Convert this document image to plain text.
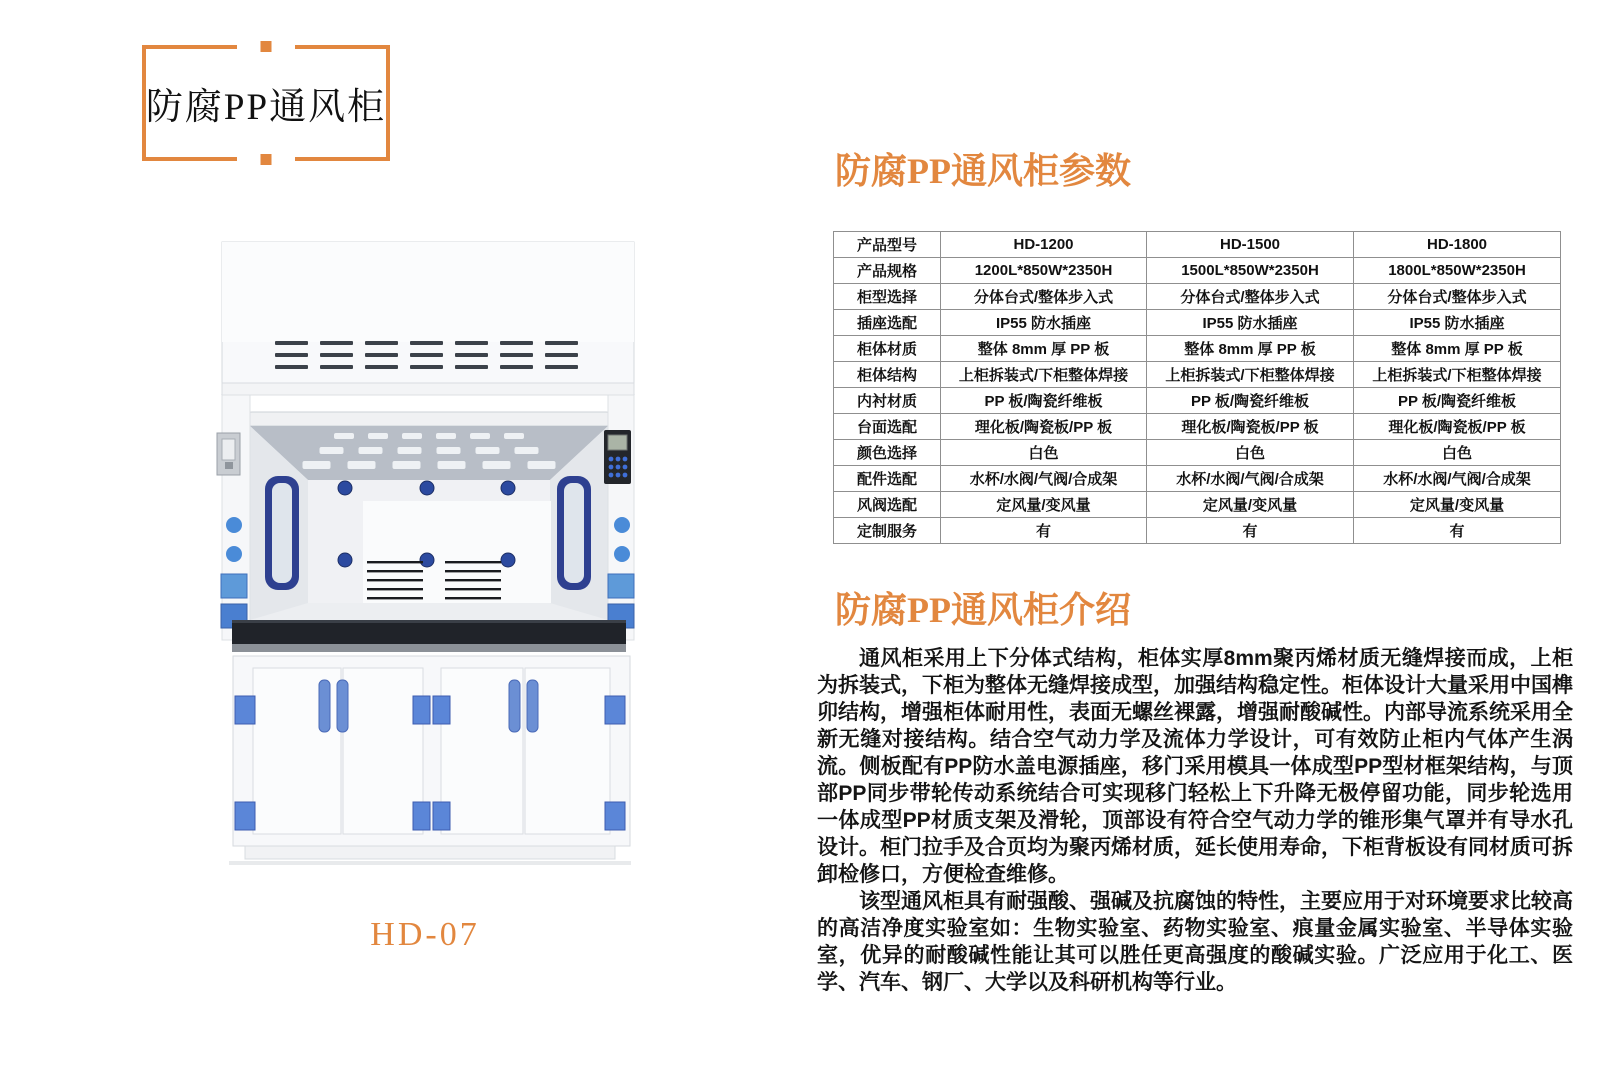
防腐PP通风柜
HD-07
防腐PP通风柜参数
产品型号	HD-1200	HD-1500	HD-1800
产品规格	1200L*850W*2350H	1500L*850W*2350H	1800L*850W*2350H
柜型选择	分体台式/整体步入式	分体台式/整体步入式	分体台式/整体步入式
插座选配	IP55 防水插座	IP55 防水插座	IP55 防水插座
柜体材质	整体 8mm 厚 PP 板	整体 8mm 厚 PP 板	整体 8mm 厚 PP 板
柜体结构	上柜拆装式/下柜整体焊接	上柜拆装式/下柜整体焊接	上柜拆装式/下柜整体焊接
内衬材质	PP 板/陶瓷纤维板	PP 板/陶瓷纤维板	PP 板/陶瓷纤维板
台面选配	理化板/陶瓷板/PP 板	理化板/陶瓷板/PP 板	理化板/陶瓷板/PP 板
颜色选择	白色	白色	白色
配件选配	水杯/水阀/气阀/合成架	水杯/水阀/气阀/合成架	水杯/水阀/气阀/合成架
风阀选配	定风量/变风量	定风量/变风量	定风量/变风量
定制服务	有	有	有
防腐PP通风柜介绍

通风柜采用上下分体式结构，柜体实厚8mm聚丙烯材质无缝焊接而成，上柜为拆装式，下柜为整体无缝焊接成型，加强结构稳定性。柜体设计大量采用中国榫卯结构，增强柜体耐用性，表面无螺丝裸露，增强耐酸碱性。内部导流系统采用全新无缝对接结构。结合空气动力学及流体力学设计，可有效防止柜内气体产生涡流。侧板配有PP防水盖电源插座，移门采用模具一体成型PP型材框架结构，与顶部PP同步带轮传动系统结合可实现移门轻松上下升降无极停留功能，同步轮选用一体成型PP材质支架及滑轮，顶部设有符合空气动力学的锥形集气罩并有导水孔设计。柜门拉手及合页均为聚丙烯材质，延长使用寿命，下柜背板设有同材质可拆卸检修口，方便检查维修。

该型通风柜具有耐强酸、强碱及抗腐蚀的特性，主要应用于对环境要求比较高的高洁净度实验室如：生物实验室、药物实验室、痕量金属实验室、半导体实验室，优异的耐酸碱性能让其可以胜任更高强度的酸碱实验。广泛应用于化工、医学、汽车、钢厂、大学以及科研机构等行业。
